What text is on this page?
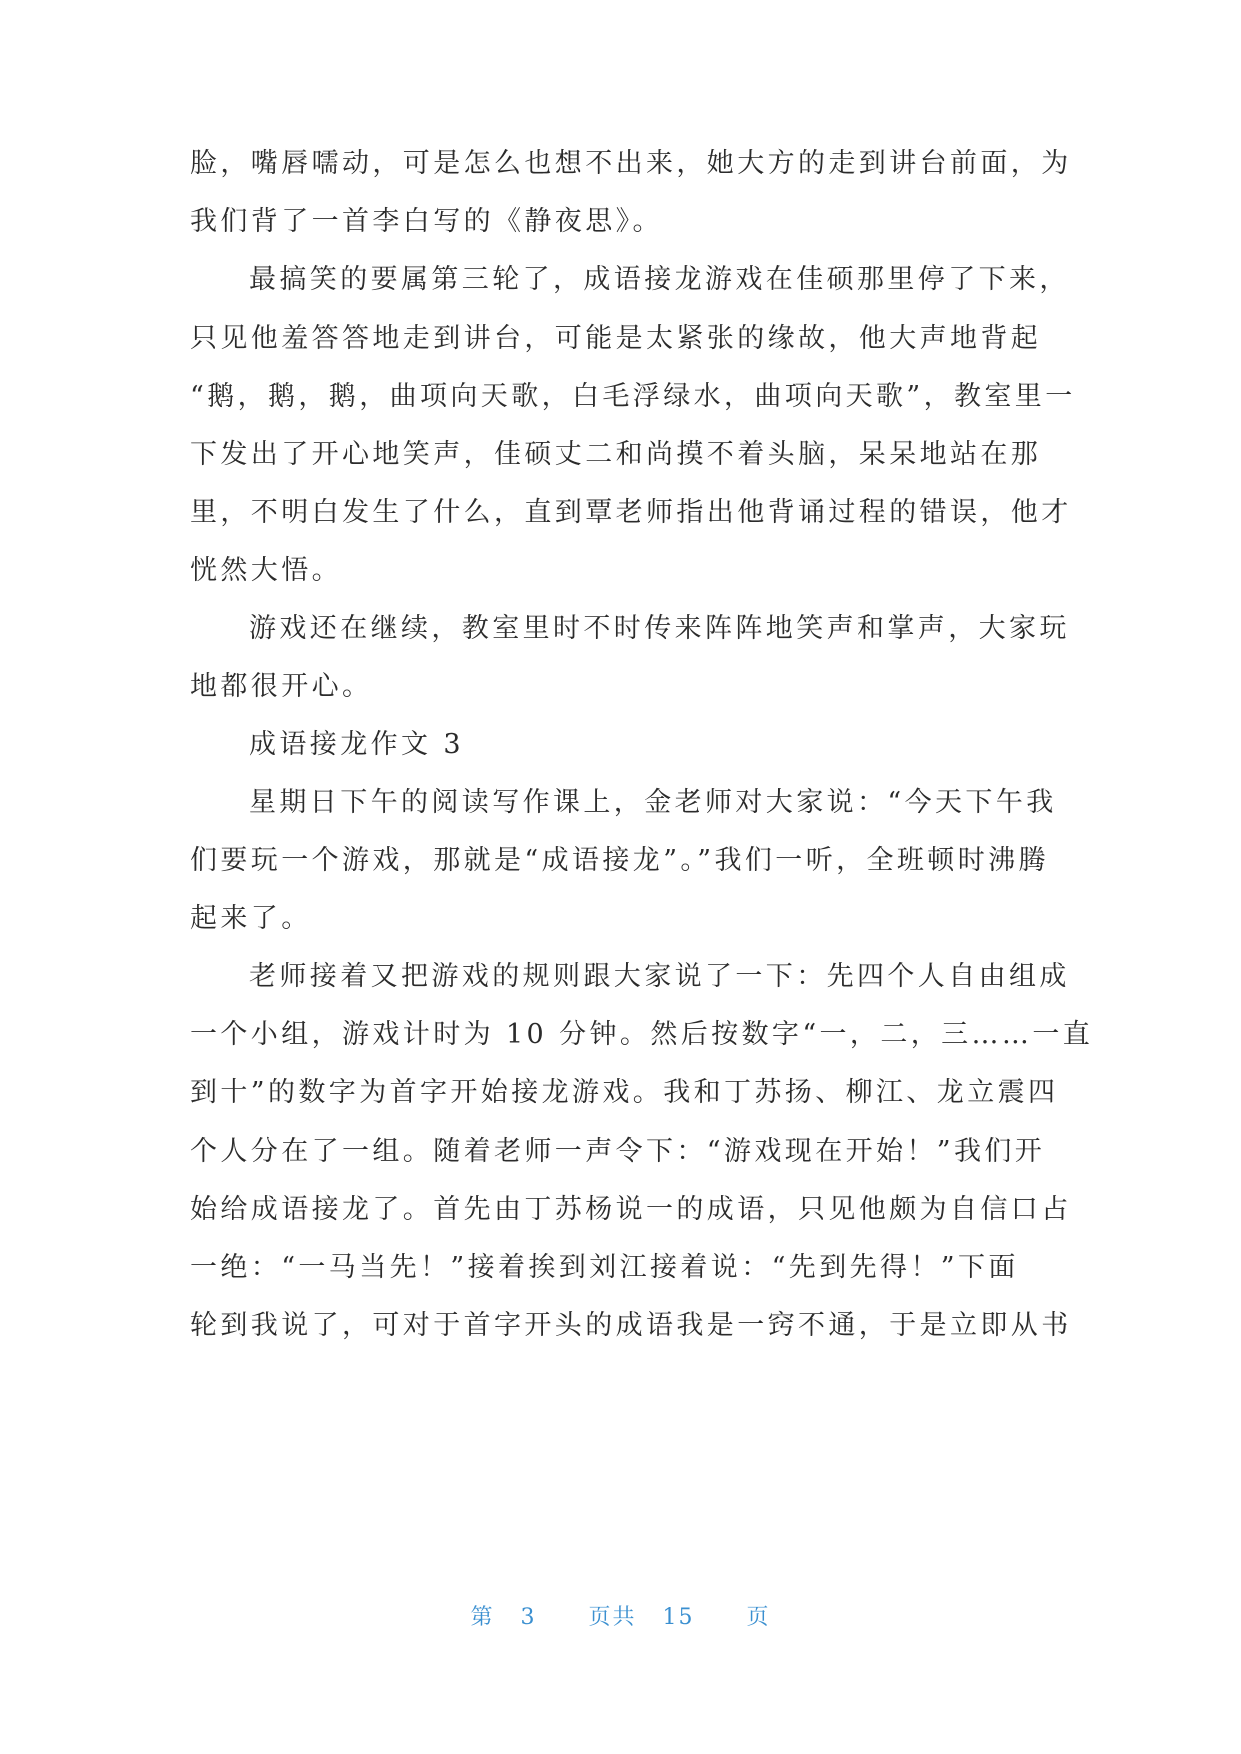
脸，嘴唇嚅动，可是怎么也想不出来，她大方的走到讲台前面，为
我们背了一首李白写的《静夜思》。
最搞笑的要属第三轮了，成语接龙游戏在佳硕那里停了下来，
只见他羞答答地走到讲台，可能是太紧张的缘故，他大声地背起
“鹅，鹅，鹅，曲项向天歌，白毛浮绿水，曲项向天歌”，教室里一
下发出了开心地笑声，佳硕丈二和尚摸不着头脑，呆呆地站在那
里，不明白发生了什么，直到覃老师指出他背诵过程的错误，他才
恍然大悟。
游戏还在继续，教室里时不时传来阵阵地笑声和掌声，大家玩
地都很开心。
成语接龙作文 3
星期日下午的阅读写作课上，金老师对大家说：“今天下午我
们要玩一个游戏，那就是“成语接龙”。”我们一听，全班顿时沸腾
起来了。
老师接着又把游戏的规则跟大家说了一下：先四个人自由组成
一个小组，游戏计时为 10 分钟。然后按数字“一，二，三……一直
到十”的数字为首字开始接龙游戏。我和丁苏扬、柳江、龙立震四
个人分在了一组。随着老师一声令下：“游戏现在开始！”我们开
始给成语接龙了。首先由丁苏杨说一的成语，只见他颇为自信口占
一绝：“一马当先！”接着挨到刘江接着说：“先到先得！”下面
轮到我说了，可对于首字开头的成语我是一窍不通，于是立即从书
第 3 页共 15 页
